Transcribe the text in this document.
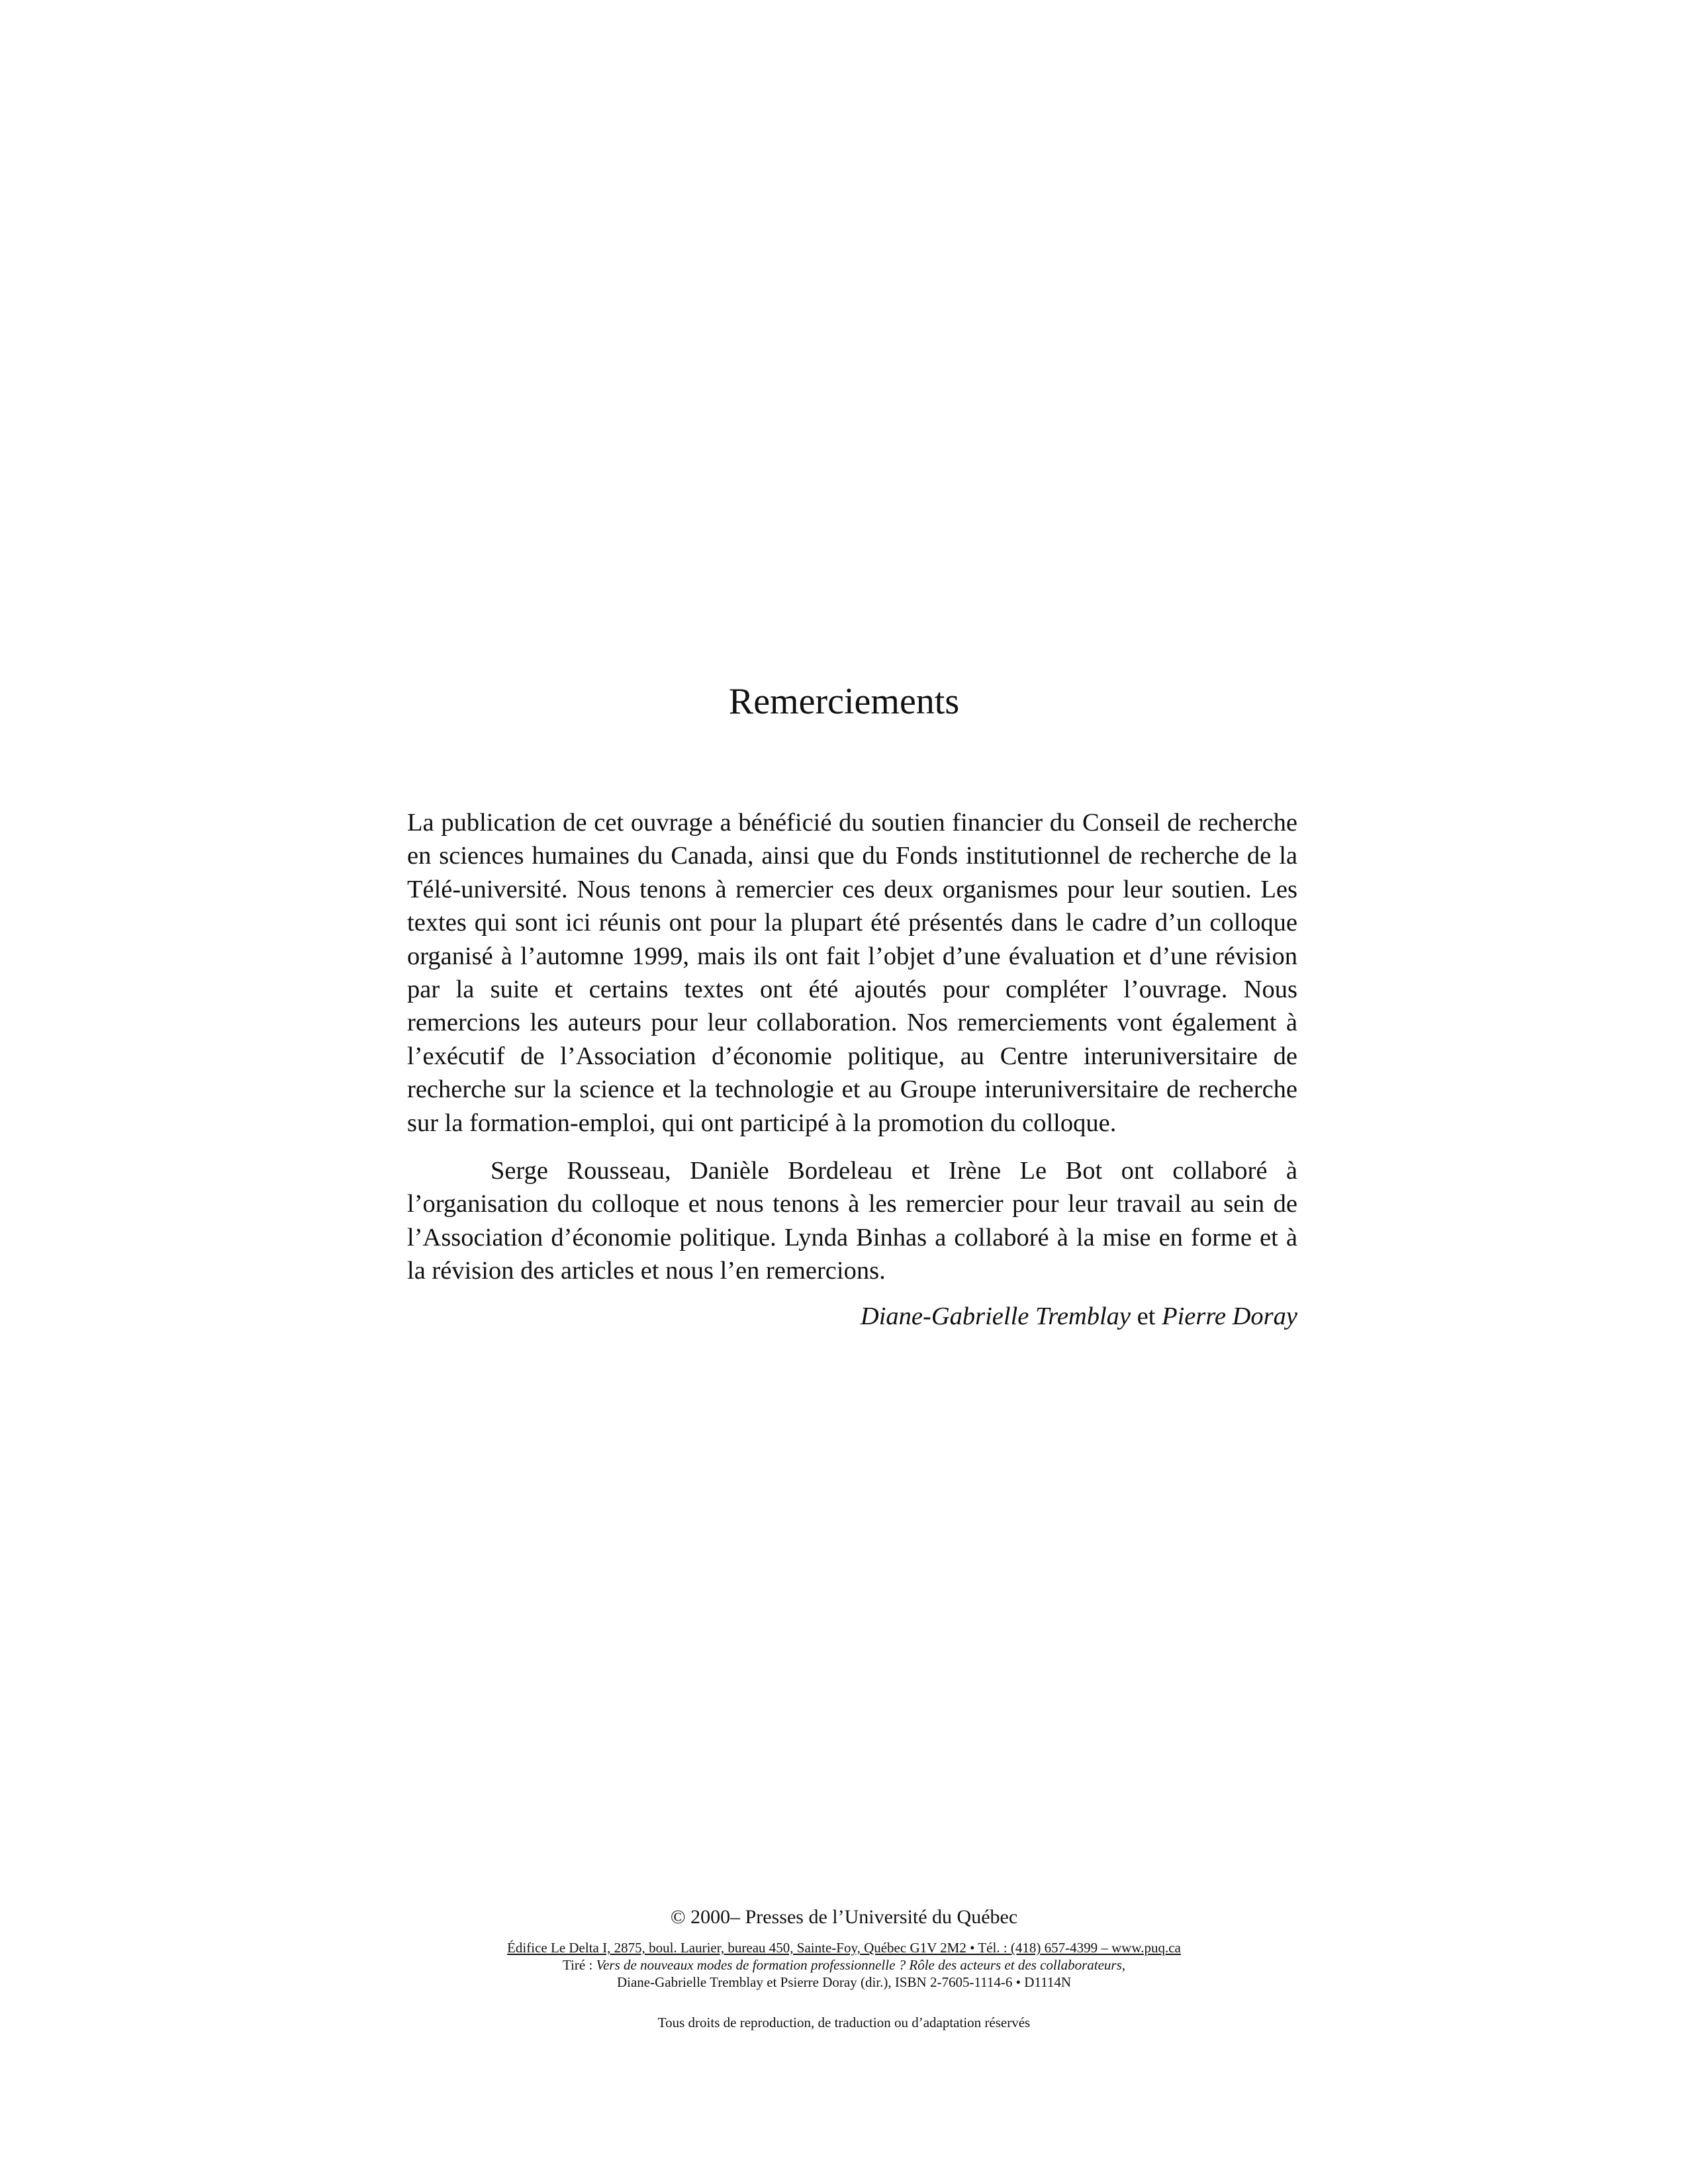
Remerciements

La publication de cet ouvrage a bénéficié du soutien financier du Conseil de recherche en sciences humaines du Canada, ainsi que du Fonds institutionnel de recherche de la Télé-université. Nous tenons à remercier ces deux organismes pour leur soutien. Les textes qui sont ici réunis ont pour la plupart été présentés dans le cadre d’un colloque organisé à l’automne 1999, mais ils ont fait l’objet d’une évaluation et d’une révision par la suite et certains textes ont été ajoutés pour compléter l’ouvrage. Nous remercions les auteurs pour leur collaboration. Nos remerciements vont également à l’exécutif de l’Association d’économie politique, au Centre interuniversitaire de recherche sur la science et la technologie et au Groupe interuniversitaire de recherche sur la formation-emploi, qui ont participé à la promotion du colloque.

Serge Rousseau, Danièle Bordeleau et Irène Le Bot ont collaboré à l’organisation du colloque et nous tenons à les remercier pour leur travail au sein de l’Association d’économie politique. Lynda Binhas a collaboré à la mise en forme et à la révision des articles et nous l’en remercions.

Diane-Gabrielle Tremblay et Pierre Doray
© 2000– Presses de l’Université du Québec
Édifice Le Delta I, 2875, boul. Laurier, bureau 450, Sainte-Foy, Québec G1V 2M2 • Tél. : (418) 657-4399 – www.puq.ca
Tiré : Vers de nouveaux modes de formation professionnelle ? Rôle des acteurs et des collaborateurs,
Diane-Gabrielle Tremblay et Psierre Doray (dir.), ISBN 2-7605-1114-6 • D1114N
Tous droits de reproduction, de traduction ou d’adaptation réservés
